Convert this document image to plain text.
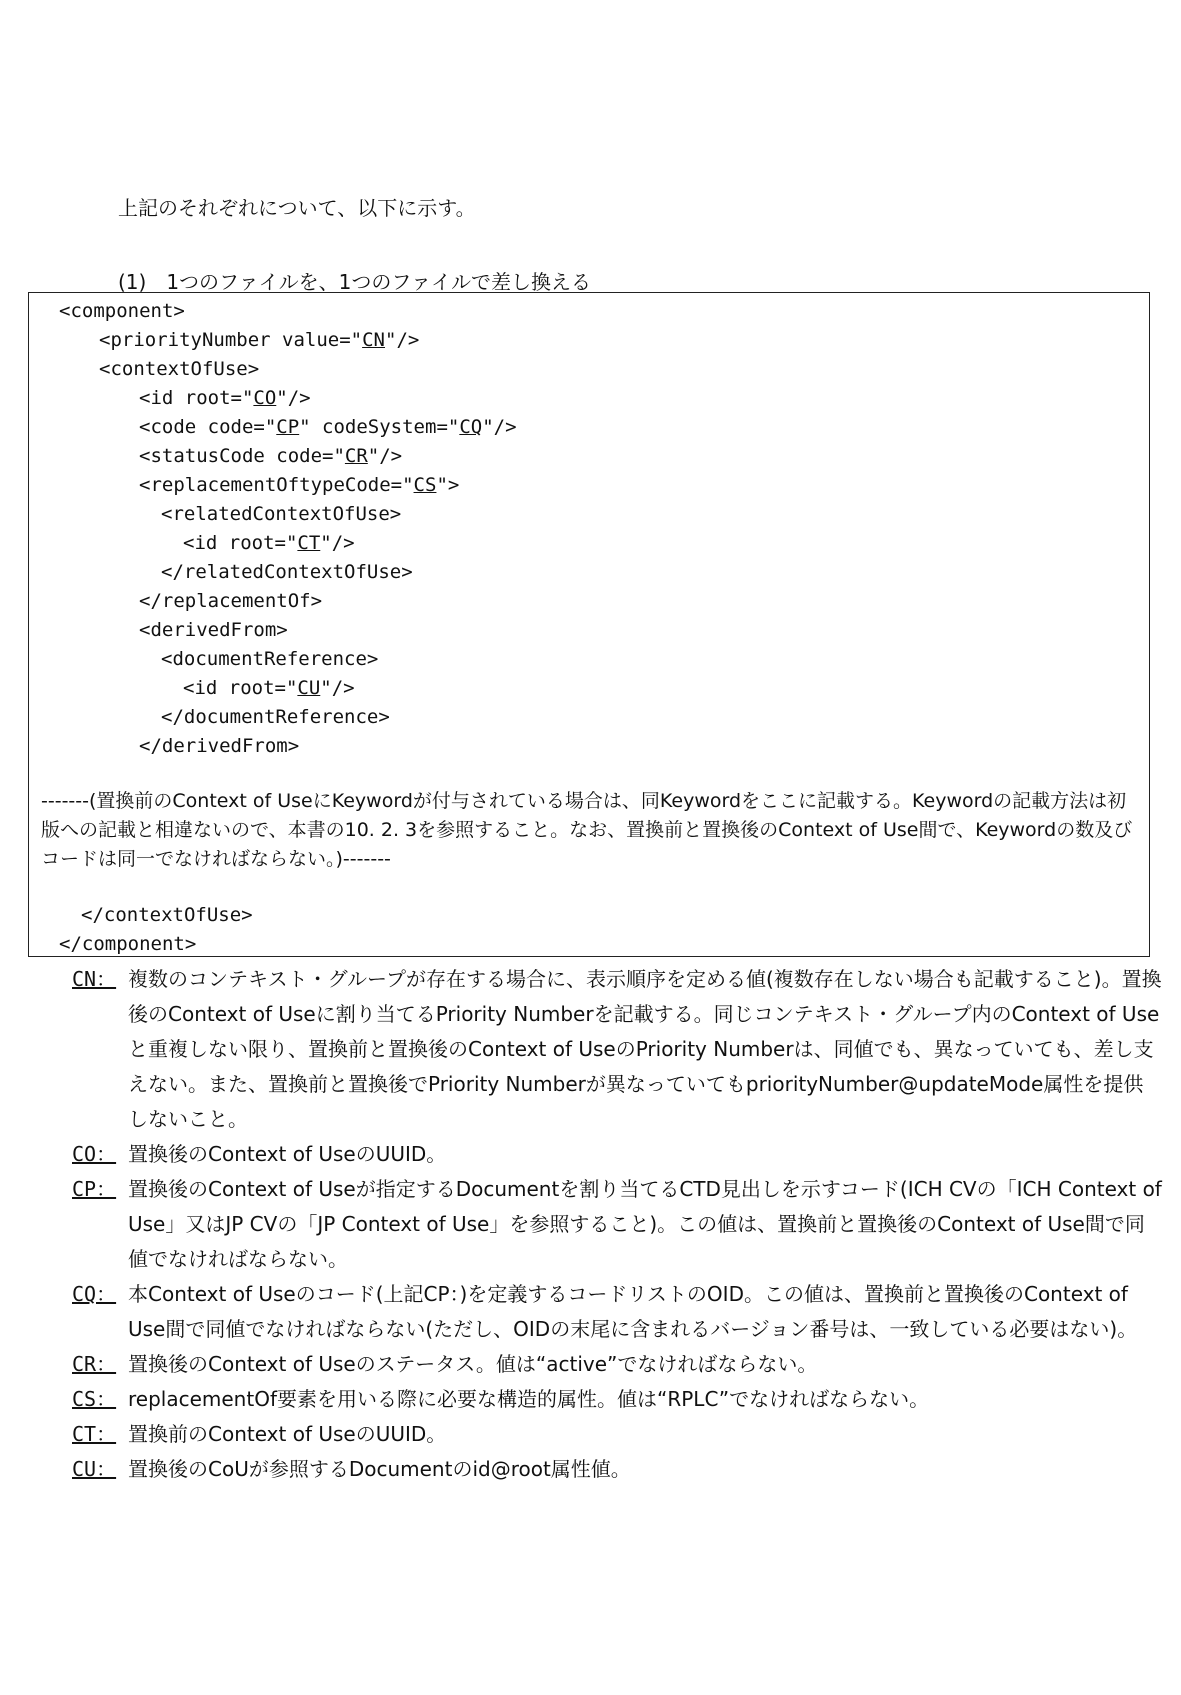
上記のそれぞれについて、以下に示す。
(1)　1つのファイルを、1つのファイルで差し換える
<component>
<priorityNumber value="CN"/>
<contextOfUse>
<id root="CO"/>
<code code="CP" codeSystem="CQ"/>
<statusCode code="CR"/>
<replacementOftypeCode="CS">
<relatedContextOfUse>
<id root="CT"/>
</relatedContextOfUse>
</replacementOf>
<derivedFrom>
<documentReference>
<id root="CU"/>
</documentReference>
</derivedFrom>
-------(置換前のContext of UseにKeywordが付与されている場合は、同Keywordをここに記載する。Keywordの記載方法は初版への記載と相違ないので、本書の10. 2. 3を参照すること。なお、置換前と置換後のContext of Use間で、Keywordの数及びコードは同一でなければならない。)-------
</contextOfUse>
</component>
CN： 複数のコンテキスト・グループが存在する場合に、表示順序を定める値(複数存在しない場合も記載すること)。置換後のContext of Useに割り当てるPriority Numberを記載する。同じコンテキスト・グループ内のContext of Useと重複しない限り、置換前と置換後のContext of UseのPriority Numberは、同値でも、異なっていても、差し支えない。また、置換前と置換後でPriority Numberが異なっていてもpriorityNumber@updateMode属性を提供しないこと。
CO： 置換後のContext of UseのUUID。
CP： 置換後のContext of Useが指定するDocumentを割り当てるCTD見出しを示すコード(ICH CVの「ICH Context of Use」又はJP CVの「JP Context of Use」を参照すること)。この値は、置換前と置換後のContext of Use間で同値でなければならない。
CQ： 本Context of Useのコード(上記CP：)を定義するコードリストのOID。この値は、置換前と置換後のContext of Use間で同値でなければならない(ただし、OIDの末尾に含まれるバージョン番号は、一致している必要はない)。
CR： 置換後のContext of Useのステータス。値は“active”でなければならない。
CS： replacementOf要素を用いる際に必要な構造的属性。値は“RPLC”でなければならない。
CT： 置換前のContext of UseのUUID。
CU： 置換後のCoUが参照するDocumentのid@root属性値。
